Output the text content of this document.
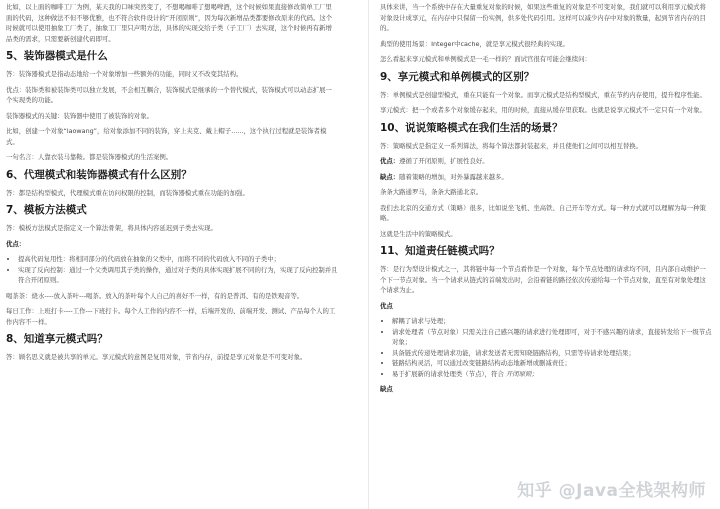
比如，以上面的咖啡工厂为例，某天我的口味突然变了，不想喝咖啡了想喝啤酒，这个时候如果直接修改简单工厂里面的代码，这种做法不但不够优雅，也不符合软件设计的“开闭原则”，因为每次新增品类都要修改原来的代码。这个时候就可以使用抽象工厂类了，抽象工厂里只声明方法，具体的实现交给子类（子工厂）去实现，这个时候再有新增品类的需求，只需要新创建代码即可。

5、装饰器模式是什么

答：装饰器模式是指动态地给一个对象增加一些额外的功能，同时又不改变其结构。

优点：装饰类和被装饰类可以独立发展，不会相互耦合，装饰模式是继承的一个替代模式，装饰模式可以动态扩展一个实现类的功能。

装饰器模式的关键：装饰器中使用了被装饰的对象。

比如，创建一个对象“laowang”，给对象添加不同的装饰，穿上夹克、戴上帽子......，这个执行过程就是装饰者模式。

一句名言：人靠衣装马靠鞍。都是装饰器模式的生活案例。

6、代理模式和装饰器模式有什么区别？

答：都是结构型模式，代理模式重在访问权限的控制，而装饰器模式重在功能的加强。

7、模板方法模式

答：模板方法模式是指定义一个算法骨架，将具体内容延迟到子类去实现。

优点：

• 提高代码复用性：将相同部分的代码放在抽象的父类中，而将不同的代码放入不同的子类中；
• 实现了反向控制：通过一个父类调用其子类的操作，通过对子类的具体实现扩展不同的行为，实现了反向控制并且符合开闭原则。

喝茶茶：烧水----放入茶叶---喝茶。放入的茶叶每个人自己的喜好不一样，有的是普洱、有的是铁观音等。

每日工作：上班打卡----工作---下班打卡。每个人工作的内容不一样，后端开发的、前端开发、测试、产品每个人的工作内容不一样。

8、知道享元模式吗？

答：顾名思义就是被共享的单元。享元模式的意图是复用对象，节省内存，前提是享元对象是不可变对象。

具体来讲，当一个系统中存在大量重复对象的时候，如果这些重复的对象是不可变对象，我们就可以利用享元模式将对象设计成享元，在内存中只保留一份实例，供多处代码引用。这样可以减少内存中对象的数量，起到节省内存的目的。

典型的使用场景：Integer中cache，就是享元模式很经典的实现。

怎么看起来享元模式和单例模式是一毛一样的？面试官很有可能会继续问：

9、享元模式和单例模式的区别？

答：单例模式是创建型模式，重在只能有一个对象。而享元模式是结构型模式，重在节约内存使用，提升程序性能。

享元模式：把一个或者多个对象缓存起来，用的时候，直接从缓存里获取。也就是说享元模式不一定只有一个对象。

10、说说策略模式在我们生活的场景？

答：策略模式是指定义一系列算法，将每个算法都封装起来，并且使他们之间可以相互替换。

优点：遵循了开闭原则，扩展性良好。

缺点：随着策略的增加，对外暴露越来越多。

条条大路通罗马，条条大路通北京。

我们去北京的交通方式（策略）很多，比如说坐飞机、坐高铁、自己开车等方式。每一种方式就可以理解为每一种策略。

这就是生活中的策略模式。

11、知道责任链模式吗？

答：是行为型设计模式之一，其将链中每一个节点看作是一个对象，每个节点处理的请求均不同，且内部自动维护一个下一节点对象。当一个请求从链式的首端发出时，会沿着链的路径依次传递给每一个节点对象，直至有对象处理这个请求为止。

优点

• 解耦了请求与处理；
• 请求处理者（节点对象）只需关注自己感兴趣的请求进行处理即可，对于不感兴趣的请求，直接转发给下一级节点对象；
• 具备链式传递处理请求功能，请求发送者无需知晓链路结构，只需等待请求处理结果；
• 链路结构灵活，可以通过改变链路结构动态地新增或删减责任；
• 易于扩展新的请求处理类（节点），符合 开闭原则；

缺点

知乎 @Java全栈架构师
